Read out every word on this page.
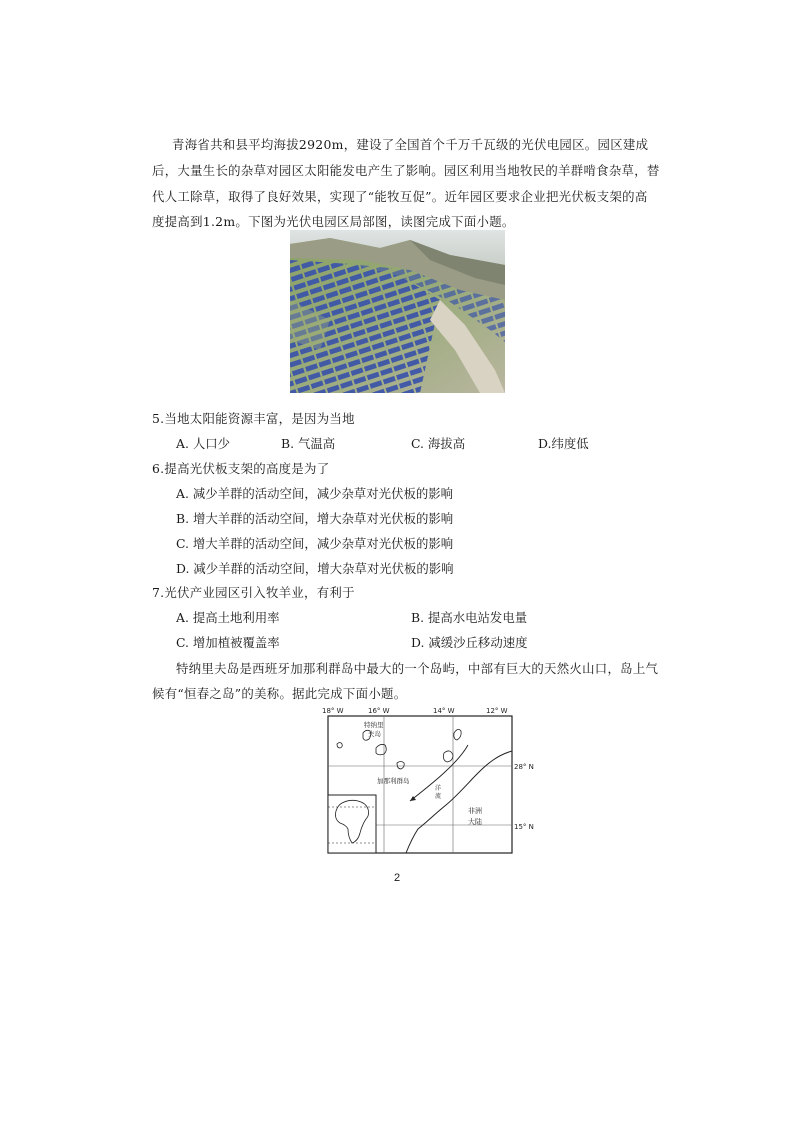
青海省共和县平均海拔2920m，建设了全国首个千万千瓦级的光伏电园区。园区建成
后，大量生长的杂草对园区太阳能发电产生了影响。园区利用当地牧民的羊群啃食杂草，替
代人工除草，取得了良好效果，实现了“能牧互促”。近年园区要求企业把光伏板支架的高
度提高到1.2m。下图为光伏电园区局部图，读图完成下面小题。
5.当地太阳能资源丰富，是因为当地
A. 人口少	B. 气温高	C. 海拔高	D.纬度低
6.提高光伏板支架的高度是为了
A. 减少羊群的活动空间，减少杂草对光伏板的影响
B. 增大羊群的活动空间，增大杂草对光伏板的影响
C. 增大羊群的活动空间，减少杂草对光伏板的影响
D. 减少羊群的活动空间，增大杂草对光伏板的影响
7.光伏产业园区引入牧羊业，有利于
A. 提高土地利用率	B. 提高水电站发电量
C. 增加植被覆盖率	D. 减缓沙丘移动速度
特纳里夫岛是西班牙加那利群岛中最大的一个岛屿，中部有巨大的天然火山口，岛上气
候有“恒春之岛”的美称。据此完成下面小题。
18° W	16° W	14° W	12° W
28° N
15° N
特纳里
夫岛
加那利群岛
洋
流
非洲
大陆
2
